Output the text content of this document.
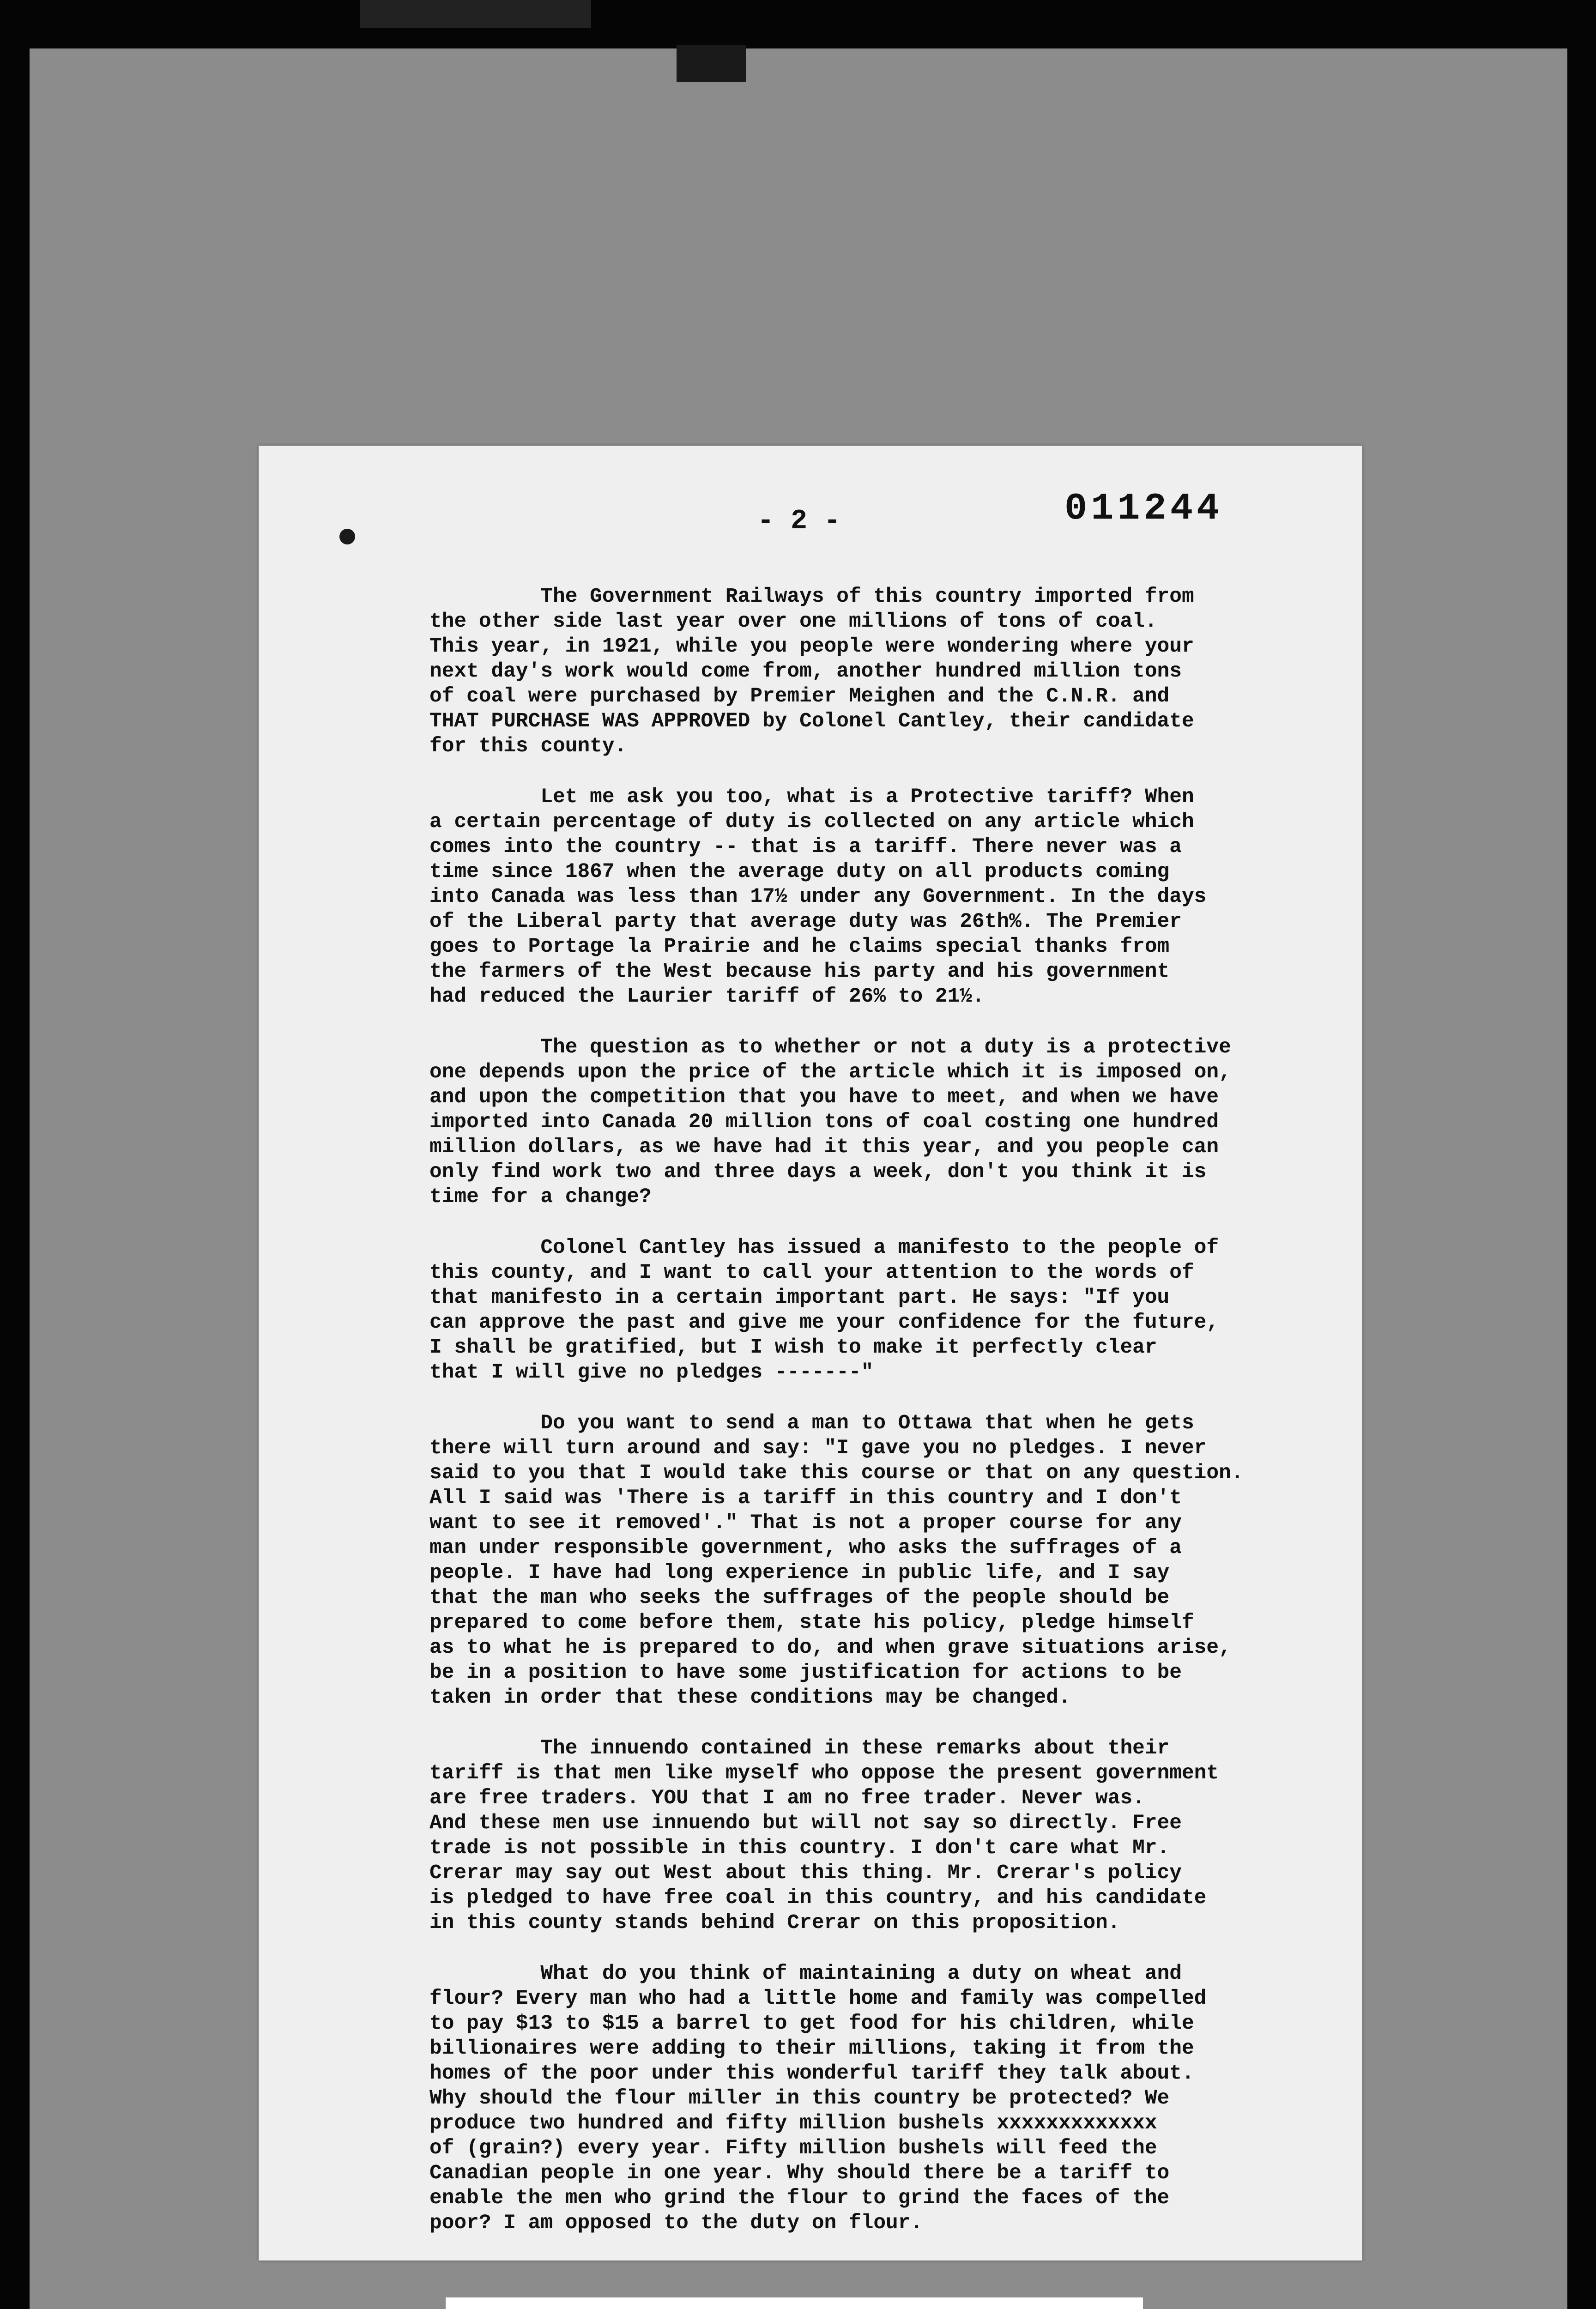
- 2 -	011244
The Government Railways of this country imported from
the other side last year over one millions of tons of coal.
This year, in 1921, while you people were wondering where your
next day's work would come from, another hundred million tons
of coal were purchased by Premier Meighen and the C.N.R. and
THAT PURCHASE WAS APPROVED by Colonel Cantley, their candidate
for this county.
Let me ask you too, what is a Protective tariff? When
a certain percentage of duty is collected on any article which
comes into the country -- that is a tariff. There never was a
time since 1867 when the average duty on all products coming
into Canada was less than 17½ under any Government. In the days
of the Liberal party that average duty was 26th%. The Premier
goes to Portage la Prairie and he claims special thanks from
the farmers of the West because his party and his government
had reduced the Laurier tariff of 26% to 21½.
The question as to whether or not a duty is a protective
one depends upon the price of the article which it is imposed on,
and upon the competition that you have to meet, and when we have
imported into Canada 20 million tons of coal costing one hundred
million dollars, as we have had it this year, and you people can
only find work two and three days a week, don't you think it is
time for a change?
Colonel Cantley has issued a manifesto to the people of
this county, and I want to call your attention to the words of
that manifesto in a certain important part. He says: "If you
can approve the past and give me your confidence for the future,
I shall be gratified, but I wish to make it perfectly clear
that I will give no pledges -------"
Do you want to send a man to Ottawa that when he gets
there will turn around and say: "I gave you no pledges. I never
said to you that I would take this course or that on any question.
All I said was 'There is a tariff in this country and I don't
want to see it removed'." That is not a proper course for any
man under responsible government, who asks the suffrages of a
people. I have had long experience in public life, and I say
that the man who seeks the suffrages of the people should be
prepared to come before them, state his policy, pledge himself
as to what he is prepared to do, and when grave situations arise,
be in a position to have some justification for actions to be
taken in order that these conditions may be changed.
The innuendo contained in these remarks about their
tariff is that men like myself who oppose the present government
are free traders. YOU that I am no free trader. Never was.
And these men use innuendo but will not say so directly. Free
trade is not possible in this country. I don't care what Mr.
Crerar may say out West about this thing. Mr. Crerar's policy
is pledged to have free coal in this country, and his candidate
in this county stands behind Crerar on this proposition.
What do you think of maintaining a duty on wheat and
flour? Every man who had a little home and family was compelled
to pay $13 to $15 a barrel to get food for his children, while
billionaires were adding to their millions, taking it from the
homes of the poor under this wonderful tariff they talk about.
Why should the flour miller in this country be protected? We
produce two hundred and fifty million bushels xxxxxxxxxxxxx
of (grain?) every year. Fifty million bushels will feed the
Canadian people in one year. Why should there be a tariff to
enable the men who grind the flour to grind the faces of the
poor? I am opposed to the duty on flour.
